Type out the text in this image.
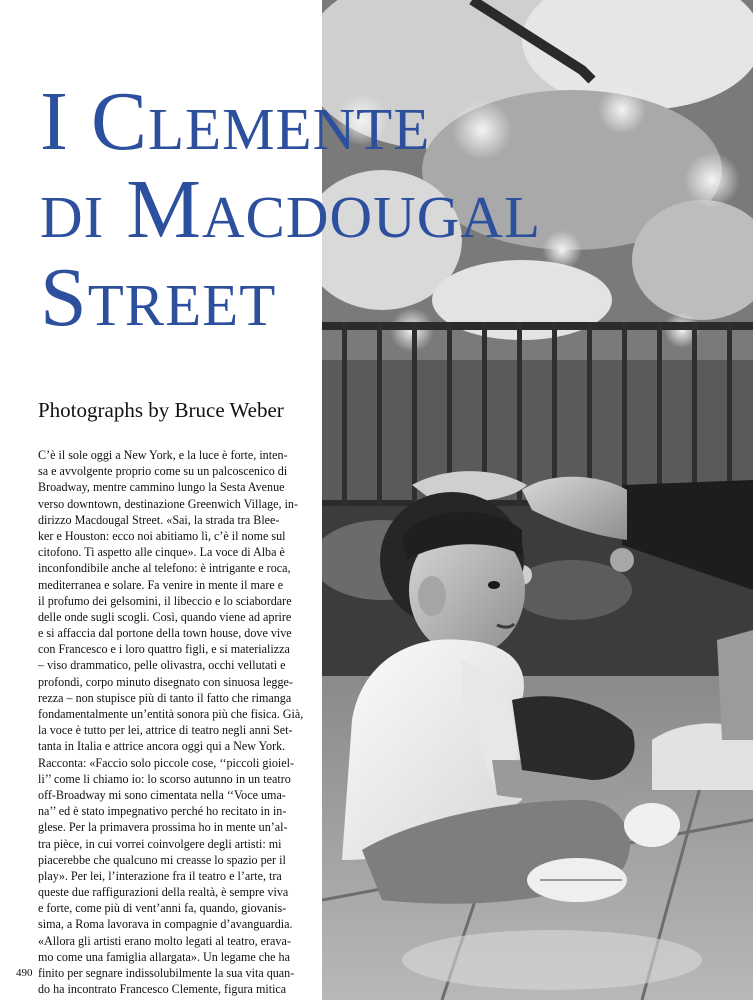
I Clemente
di Macdougal
Street
Photographs by Bruce Weber
C’è il sole oggi a New York, e la luce è forte, inten-
sa e avvolgente proprio come su un palcoscenico di
Broadway, mentre cammino lungo la Sesta Avenue
verso downtown, destinazione Greenwich Village, in-
dirizzo Macdougal Street. «Sai, la strada tra Blee-
ker e Houston: ecco noi abitiamo lì, c’è il nome sul
citofono. Ti aspetto alle cinque». La voce di Alba è
inconfondibile anche al telefono: è intrigante e roca,
mediterranea e solare. Fa venire in mente il mare e
il profumo dei gelsomini, il libeccio e lo sciabordare
delle onde sugli scogli. Così, quando viene ad aprire
e si affaccia dal portone della town house, dove vive
con Francesco e i loro quattro figli, e si materializza
– viso drammatico, pelle olivastra, occhi vellutati e
profondi, corpo minuto disegnato con sinuosa legge-
rezza – non stupisce più di tanto il fatto che rimanga
fondamentalmente un’entità sonora più che fisica. Già,
la voce è tutto per lei, attrice di teatro negli anni Set-
tanta in Italia e attrice ancora oggi qui a New York.
Racconta: «Faccio solo piccole cose, ‘‘piccoli gioiel-
li’’ come li chiamo io: lo scorso autunno in un teatro
off-Broadway mi sono cimentata nella ‘‘Voce uma-
na’’ ed è stato impegnativo perché ho recitato in in-
glese. Per la primavera prossima ho in mente un’al-
tra pièce, in cui vorrei coinvolgere degli artisti: mi
piacerebbe che qualcuno mi creasse lo spazio per il
play». Per lei, l’interazione fra il teatro e l’arte, tra
queste due raffigurazioni della realtà, è sempre viva
e forte, come più di vent’anni fa, quando, giovanis-
sima, a Roma lavorava in compagnie d’avanguardia.
«Allora gli artisti erano molto legati al teatro, erava-
mo come una famiglia allargata». Un legame che ha
finito per segnare indissolubilmente la sua vita quan-
do ha incontrato Francesco Clemente, figura mitica
490
